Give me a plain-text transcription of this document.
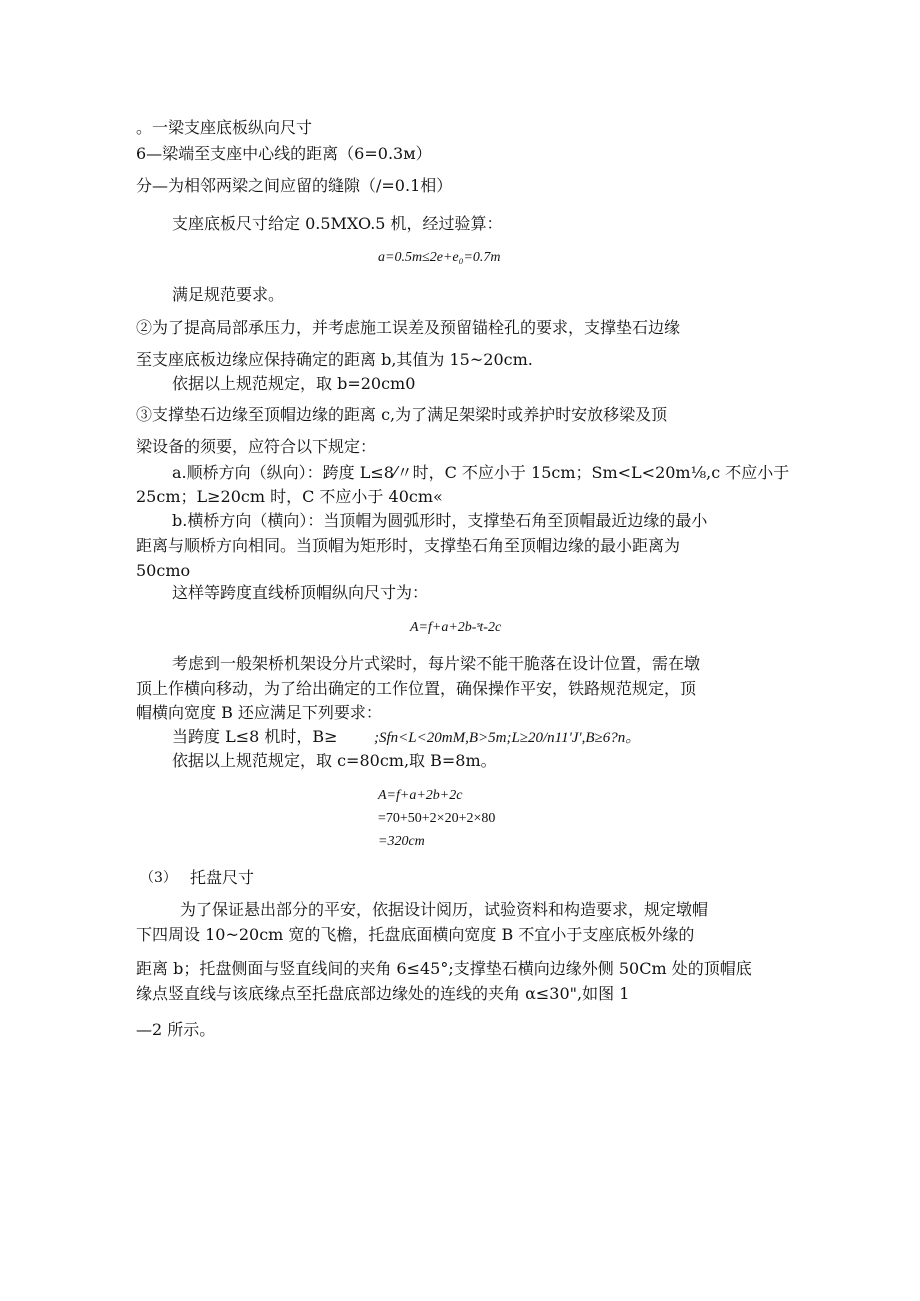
。一梁支座底板纵向尺寸
6—梁端至支座中心线的距离（6=0.3м）
分—为相邻两梁之间应留的缝隙（/=0.1相）
支座底板尺寸给定 0.5MXO.5 机，经过验算：
a=0.5m≤2e+e₀=0.7m
满足规范要求。
②为了提高局部承压力，并考虑施工误差及预留锚栓孔的要求，支撑垫石边缘
至支座底板边缘应保持确定的距离 b,其值为 15~20cm.
依据以上规范规定，取 b=20cm0
③支撑垫石边缘至顶帽边缘的距离 c,为了满足架梁时或养护时安放移梁及顶
梁设备的须要，应符合以下规定：
a.顺桥方向（纵向）：跨度 L≤8⁄〃时，C 不应小于 15cm；Sm<L<20m⅛,c 不应小于
25cm；L≥20cm 时，C 不应小于 40cm«
b.横桥方向（横向）：当顶帽为圆弧形时，支撑垫石角至顶帽最近边缘的最小
距离与顺桥方向相同。当顶帽为矩形时，支撑垫石角至顶帽边缘的最小距离为
50cmo
这样等跨度直线桥顶帽纵向尺寸为：
A=f+a+2b-ˢt-2c
考虑到一般架桥机架设分片式梁时，每片梁不能干脆落在设计位置，需在墩
顶上作横向移动，为了给出确定的工作位置，确保操作平安，铁路规范规定，顶
帽横向宽度 B 还应满足下列要求：
当跨度 L≤8 机时，B≥ ;Sfn<L<20mM,B>5m;L≥20/n11'J',B≥6?n。
依据以上规范规定，取 c=80cm,取 B=8m。
A=f+a+2b+2c
=70+50+2×20+2×80
=320cm
（3） 托盘尺寸
为了保证悬出部分的平安，依据设计阅历，试验资料和构造要求，规定墩帽
下四周设 10~20cm 宽的飞檐，托盘底面横向宽度 B 不宜小于支座底板外缘的
距离 b；托盘侧面与竖直线间的夹角 6≤45°;支撑垫石横向边缘外侧 50Cm 处的顶帽底
缘点竖直线与该底缘点至托盘底部边缘处的连线的夹角 α≤30",如图 1
—2 所示。
